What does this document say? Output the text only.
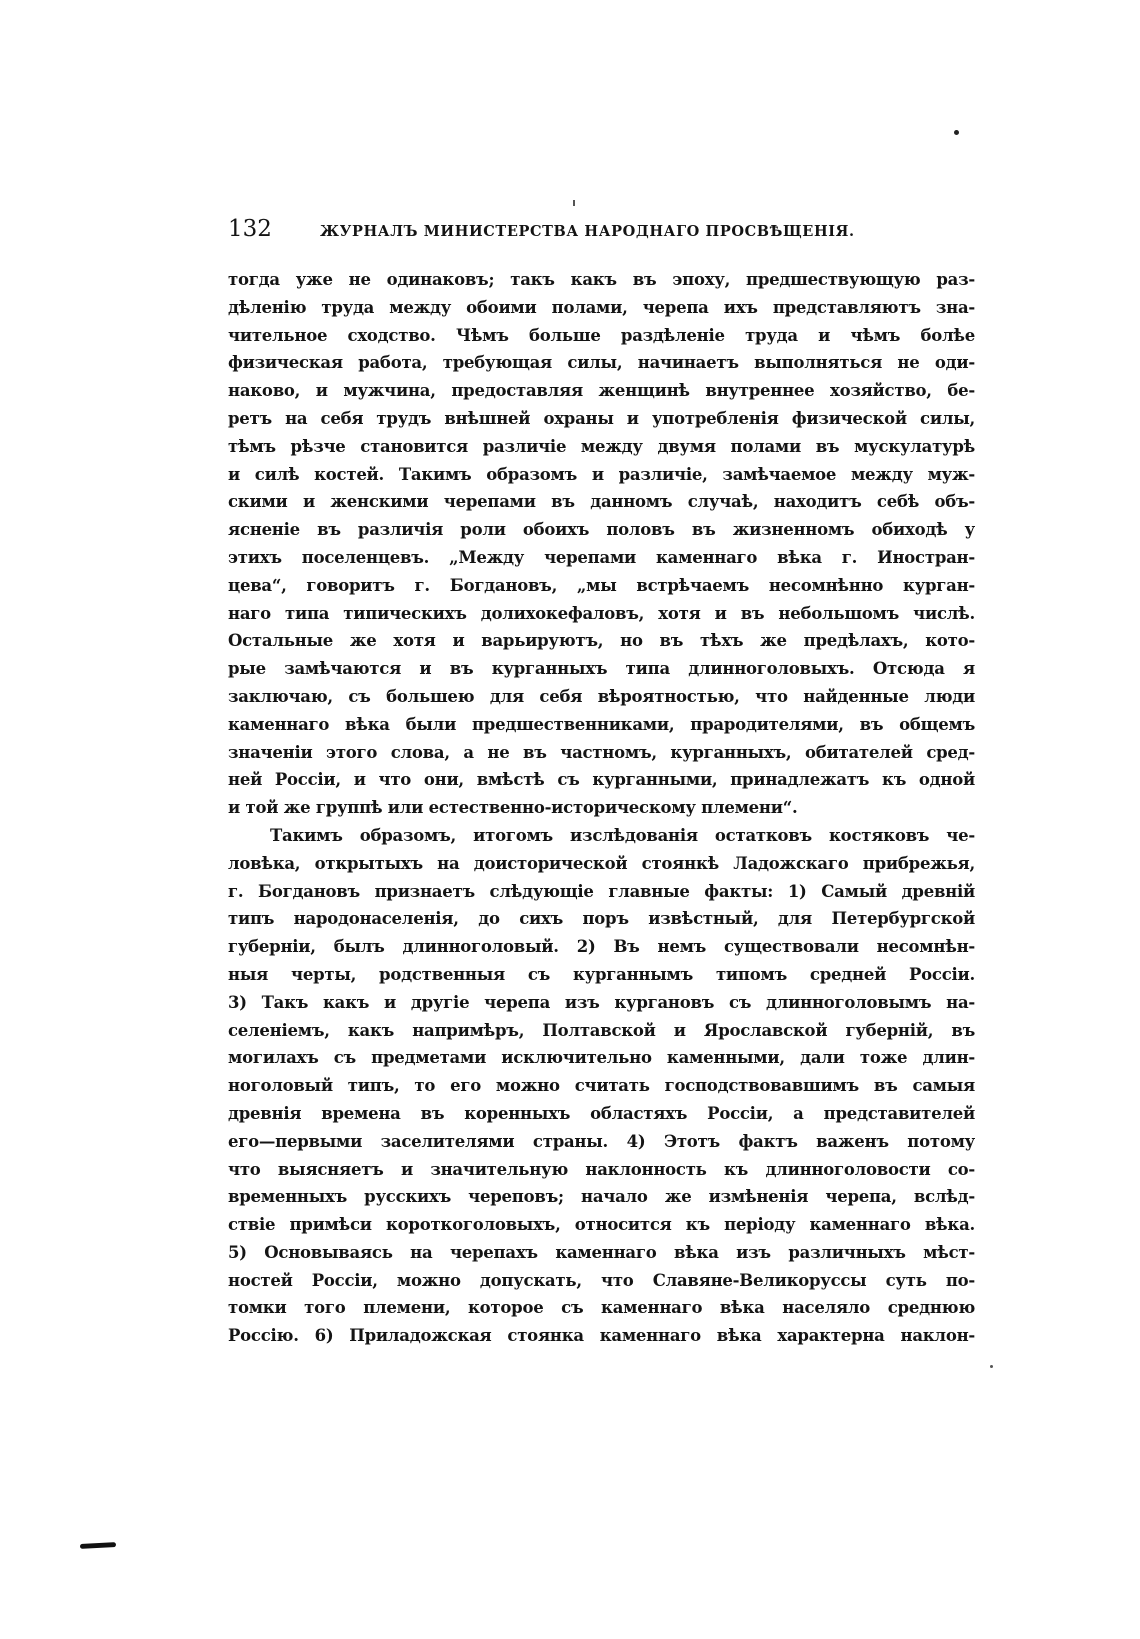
132	ЖУРНАЛЪ МИНИСТЕРСТВА НАРОДНАГО ПРОСВѢЩЕНІЯ.
тогда уже не одинаковъ; такъ какъ въ эпоху, предшествующую раз-
дѣленію труда между обоими полами, черепа ихъ представляютъ зна-
чительное сходство. Чѣмъ больше раздѣленіе труда и чѣмъ болѣе
физическая работа, требующая силы, начинаетъ выполняться не оди-
наково, и мужчина, предоставляя женщинѣ внутреннее хозяйство, бе-
ретъ на себя трудъ внѣшней охраны и употребленія физической силы,
тѣмъ рѣзче становится различіе между двумя полами въ мускулатурѣ
и силѣ костей. Такимъ образомъ и различіе, замѣчаемое между муж-
скими и женскими черепами въ данномъ случаѣ, находитъ себѣ объ-
ясненіе въ различія роли обоихъ половъ въ жизненномъ обиходѣ у
этихъ поселенцевъ. „Между черепами каменнаго вѣка г. Иностран-
цева“, говоритъ г. Богдановъ, „мы встрѣчаемъ несомнѣнно курган-
наго типа типическихъ долихокефаловъ, хотя и въ небольшомъ числѣ.
Остальные же хотя и варьируютъ, но въ тѣхъ же предѣлахъ, кото-
рые замѣчаются и въ курганныхъ типа длинноголовыхъ. Отсюда я
заключаю, съ большею для себя вѣроятностью, что найденные люди
каменнаго вѣка были предшественниками, прародителями, въ общемъ
значеніи этого слова, а не въ частномъ, курганныхъ, обитателей сред-
ней Россіи, и что они, вмѣстѣ съ курганными, принадлежатъ къ одной
и той же группѣ или естественно-историческому племени“.
Такимъ образомъ, итогомъ изслѣдованія остатковъ костяковъ че-
ловѣка, открытыхъ на доисторической стоянкѣ Ладожскаго прибрежья,
г. Богдановъ признаетъ слѣдующіе главные факты: 1) Самый древній
типъ народонаселенія, до сихъ поръ извѣстный, для Петербургской
губерніи, былъ длинноголовый. 2) Въ немъ существовали несомнѣн-
ныя черты, родственныя съ курганнымъ типомъ средней Россіи.
3) Такъ какъ и другіе черепа изъ кургановъ съ длинноголовымъ на-
селеніемъ, какъ напримѣръ, Полтавской и Ярославской губерній, въ
могилахъ съ предметами исключительно каменными, дали тоже длин-
ноголовый типъ, то его можно считать господствовавшимъ въ самыя
древнія времена въ коренныхъ областяхъ Россіи, а представителей
его—первыми заселителями страны. 4) Этотъ фактъ важенъ потому
что выясняетъ и значительную наклонность къ длинноголовости со-
временныхъ русскихъ череповъ; начало же измѣненія черепа, вслѣд-
ствіе примѣси короткоголовыхъ, относится къ періоду каменнаго вѣка.
5) Основываясь на черепахъ каменнаго вѣка изъ различныхъ мѣст-
ностей Россіи, можно допускать, что Славяне-Великоруссы суть по-
томки того племени, которое съ каменнаго вѣка населяло среднюю
Россію. 6) Приладожская стоянка каменнаго вѣка характерна наклон-
